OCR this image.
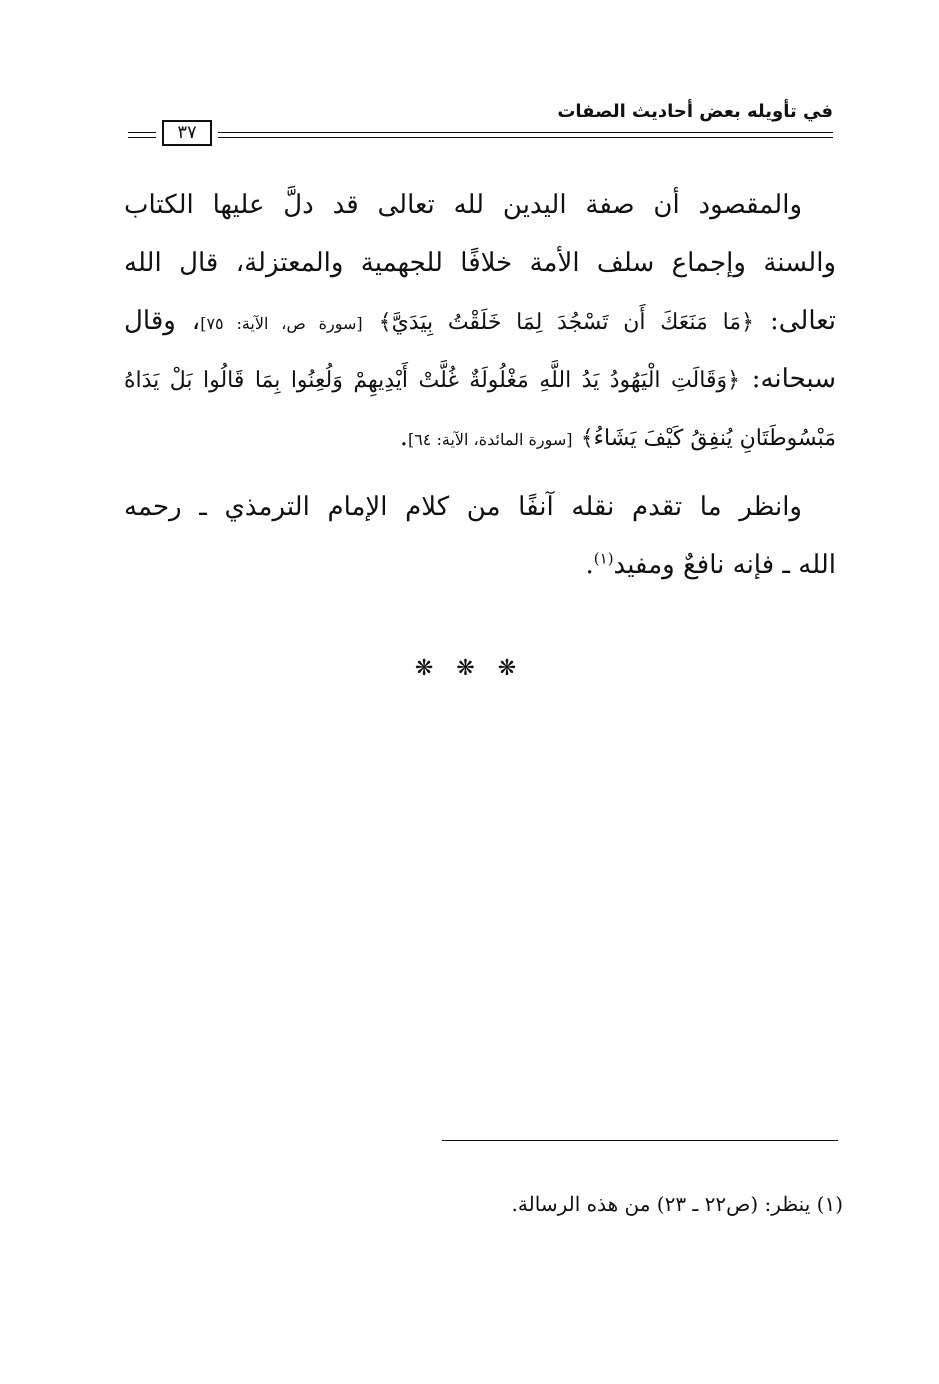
في تأويله بعض أحاديث الصفات
٣٧
والمقصود أن صفة اليدين لله تعالى قد دلَّ عليها الكتاب
والسنة وإجماع سلف الأمة خلافًا للجهمية والمعتزلة، قال الله
تعالى: ﴿مَا مَنَعَكَ أَن تَسْجُدَ لِمَا خَلَقْتُ بِيَدَيَّ﴾ [سورة ص، الآية: ٧٥]، وقال
سبحانه: ﴿وَقَالَتِ الْيَهُودُ يَدُ اللَّهِ مَغْلُولَةٌ غُلَّتْ أَيْدِيهِمْ وَلُعِنُوا بِمَا قَالُوا بَلْ يَدَاهُ
مَبْسُوطَتَانِ يُنفِقُ كَيْفَ يَشَاءُ﴾ [سورة المائدة، الآية: ٦٤].
وانظر ما تقدم نقله آنفًا من كلام الإمام الترمذي ـ رحمه
الله ـ فإنه نافعٌ ومفيد$^{(١)}$.
❋ ❋ ❋
(١) ينظر: (ص٢٢ ـ ٢٣) من هذه الرسالة.
